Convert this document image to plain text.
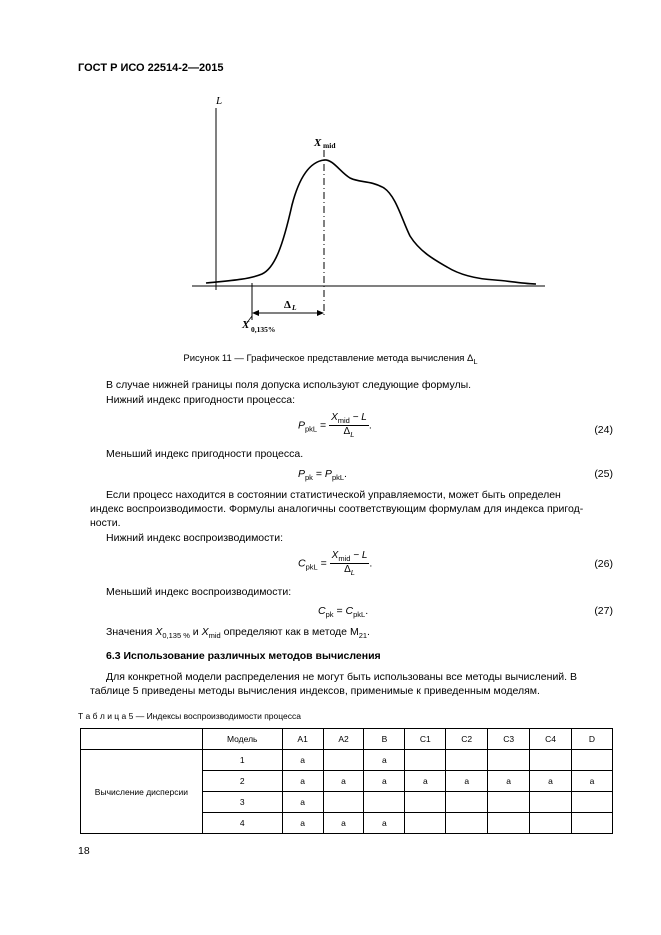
ГОСТ Р ИСО 22514-2—2015
L
X mid
Δ L
X 0,135%
Рисунок 11 — Графическое представление метода вычисления $\Delta_L$
В случае нижней границы поля допуска используют следующие формулы.
Нижний индекс пригодности процесса:
$P_{pkL} = \frac{X_{mid} - L}{\Delta_L}$ .	(24)
Меньший индекс пригодности процесса.
$P_{pk} = P_{pkL}$.	(25)
Если процесс находится в состоянии статистической управляемости, может быть определен
индекс воспроизводимости. Формулы аналогичны соответствующим формулам для индекса пригод-
ности.
Нижний индекс воспроизводимости:
$C_{pkL} = \frac{X_{mid} - L}{\Delta_L}$ .	(26)
Меньший индекс воспроизводимости:
$C_{pk} = C_{pkL}$.	(27)
Значения $X_{0,135 \%}$ и $X_{mid}$ определяют как в методе $M_{21}$.
6.3 Использование различных методов вычисления
Для конкретной модели распределения не могут быть использованы все методы вычислений. В
таблице 5 приведены методы вычисления индексов, применимые к приведенным моделям.
Т а б л и ц а 5 — Индексы воспроизводимости процесса
	Модель	A1	A2	B	C1	C2	C3	C4	D
Вычисление дисперсии	1	a		a					
	2	a	a	a	a	a	a	a	a
	3	a							
	4	a	a	a					
18
